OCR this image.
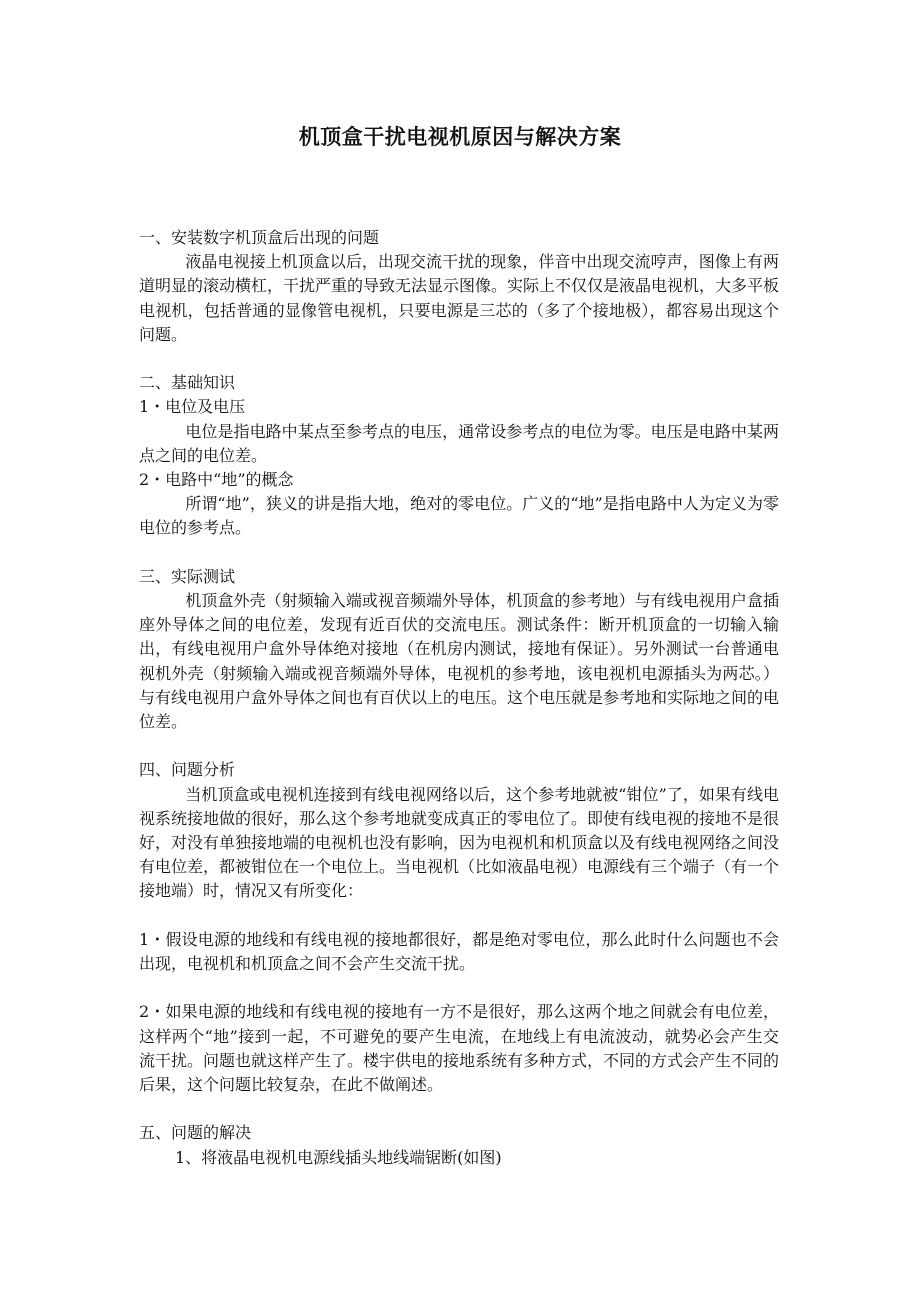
机顶盒干扰电视机原因与解决方案

一、安装数字机顶盒后出现的问题

液晶电视接上机顶盒以后，出现交流干扰的现象，伴音中出现交流哼声，图像上有两道明显的滚动横杠，干扰严重的导致无法显示图像。实际上不仅仅是液晶电视机，大多平板电视机，包括普通的显像管电视机，只要电源是三芯的（多了个接地极），都容易出现这个问题。

二、基础知识

1・电位及电压

电位是指电路中某点至参考点的电压，通常设参考点的电位为零。电压是电路中某两点之间的电位差。

2・电路中“地”的概念

所谓“地”，狭义的讲是指大地，绝对的零电位。广义的“地”是指电路中人为定义为零电位的参考点。

三、实际测试

机顶盒外壳（射频输入端或视音频端外导体，机顶盒的参考地）与有线电视用户盒插座外导体之间的电位差，发现有近百伏的交流电压。测试条件：断开机顶盒的一切输入输出，有线电视用户盒外导体绝对接地（在机房内测试，接地有保证）。另外测试一台普通电视机外壳（射频输入端或视音频端外导体，电视机的参考地，该电视机电源插头为两芯。）与有线电视用户盒外导体之间也有百伏以上的电压。这个电压就是参考地和实际地之间的电位差。

四、问题分析

当机顶盒或电视机连接到有线电视网络以后，这个参考地就被“钳位”了，如果有线电视系统接地做的很好，那么这个参考地就变成真正的零电位了。即使有线电视的接地不是很好，对没有单独接地端的电视机也没有影响，因为电视机和机顶盒以及有线电视网络之间没有电位差，都被钳位在一个电位上。当电视机（比如液晶电视）电源线有三个端子（有一个接地端）时，情况又有所变化：

1・假设电源的地线和有线电视的接地都很好，都是绝对零电位，那么此时什么问题也不会出现，电视机和机顶盒之间不会产生交流干扰。

2・如果电源的地线和有线电视的接地有一方不是很好，那么这两个地之间就会有电位差，这样两个“地”接到一起，不可避免的要产生电流，在地线上有电流波动，就势必会产生交流干扰。问题也就这样产生了。楼宇供电的接地系统有多种方式，不同的方式会产生不同的后果，这个问题比较复杂，在此不做阐述。

五、问题的解决

1、将液晶电视机电源线插头地线端锯断(如图)
